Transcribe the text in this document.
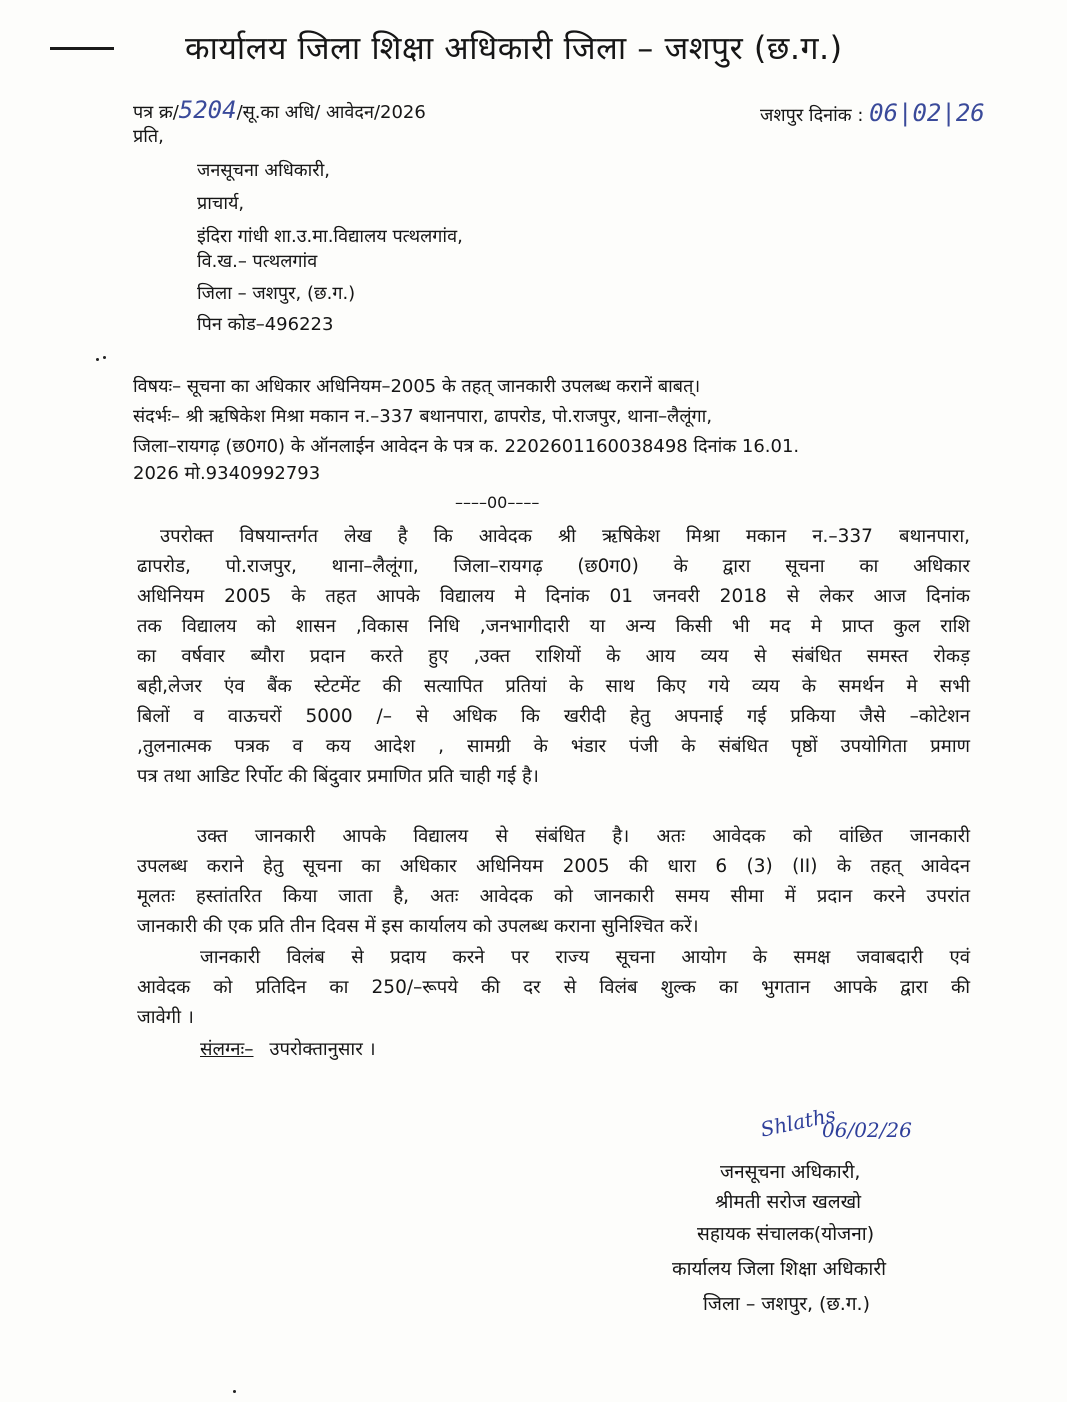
कार्यालय जिला शिक्षा अधिकारी जिला – जशपुर (छ.ग.)
पत्र क्र/5204/सू.का अधि/ आवेदन/2026
प्रति,
जशपुर दिनांक : 06|02|26
जनसूचना अधिकारी,
प्राचार्य,
इंदिरा गांधी शा.उ.मा.विद्यालय पत्थलगांव,
वि.ख.– पत्थलगांव
जिला – जशपुर, (छ.ग.)
पिन कोड–496223
विषयः– सूचना का अधिकार अधिनियम–2005 के तहत् जानकारी उपलब्ध करानें बाबत्।
संदर्भः– श्री ऋषिकेश मिश्रा मकान न.–337 बथानपारा, ढापरोड, पो.राजपुर, थाना–लैलूंगा,
जिला–रायगढ़ (छ0ग0) के ऑनलाईन आवेदन के पत्र क. 2202601160038498 दिनांक 16.01.
2026 मो.9340992793
––––00––––
उपरोक्त विषयान्तर्गत लेख है कि आवेदक श्री ऋषिकेश मिश्रा मकान न.–337 बथानपारा,
ढापरोड, पो.राजपुर, थाना–लैलूंगा, जिला–रायगढ़ (छ0ग0) के द्वारा सूचना का अधिकार
अधिनियम 2005 के तहत आपके विद्यालय मे दिनांक 01 जनवरी 2018 से लेकर आज दिनांक
तक विद्यालय को शासन ,विकास निधि ,जनभागीदारी या अन्य किसी भी मद मे प्राप्त कुल राशि
का वर्षवार ब्यौरा प्रदान करते हुए ,उक्त राशियों के आय व्यय से संबंधित समस्त रोकड़
बही,लेजर एंव बैंक स्टेटमेंट की सत्यापित प्रतियां के साथ किए गये व्यय के समर्थन मे सभी
बिलों व वाऊचरों 5000 /– से अधिक कि खरीदी हेतु अपनाई गई प्रकिया जैसे –कोटेशन
,तुलनात्मक पत्रक व कय आदेश , सामग्री के भंडार पंजी के संबंधित पृष्ठों उपयोगिता प्रमाण
पत्र तथा आडिट रिर्पोट की बिंदुवार प्रमाणित प्रति चाही गई है।
उक्त जानकारी आपके विद्यालय से संबंधित है। अतः आवेदक को वांछित जानकारी
उपलब्ध कराने हेतु सूचना का अधिकार अधिनियम 2005 की धारा 6 (3) (II) के तहत् आवेदन
मूलतः हस्तांतरित किया जाता है, अतः आवेदक को जानकारी समय सीमा में प्रदान करने उपरांत
जानकारी की एक प्रति तीन दिवस में इस कार्यालय को उपलब्ध कराना सुनिश्चित करें।
जानकारी विलंब से प्रदाय करने पर राज्य सूचना आयोग के समक्ष जवाबदारी एवं
आवेदक को प्रतिदिन का 250/–रूपये की दर से विलंब शुल्क का भुगतान आपके द्वारा की
जावेगी ।
संलग्नः– उपरोक्तानुसार ।
Shlaths
06/02/26
जनसूचना अधिकारी,
श्रीमती सरोज खलखो
सहायक संचालक(योजना)
कार्यालय जिला शिक्षा अधिकारी
जिला – जशपुर, (छ.ग.)
